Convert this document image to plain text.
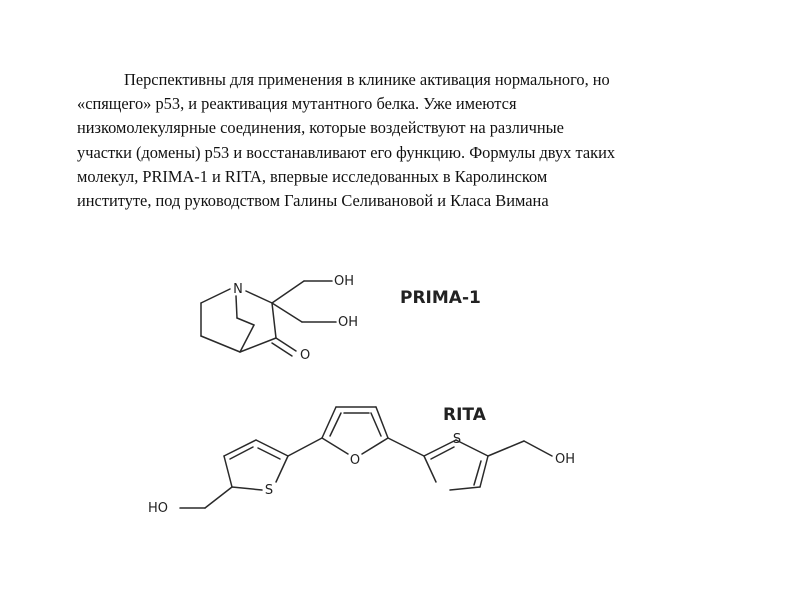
Перспективны для применения в клинике активация нормального, но
«спящего» р53, и реактивация мутантного белка. Уже имеются
низкомолекулярные соединения, которые воздействуют на различные
участки (домены) р53 и восстанавливают его функцию. Формулы двух таких
молекул, PRIMA-1 и RITA, впервые исследованных в Каролинском
институте, под руководством Галины Селивановой и Класа Вимана
N
OH
OH
O
PRIMA-1
O
S
S
HO
OH
RITA
